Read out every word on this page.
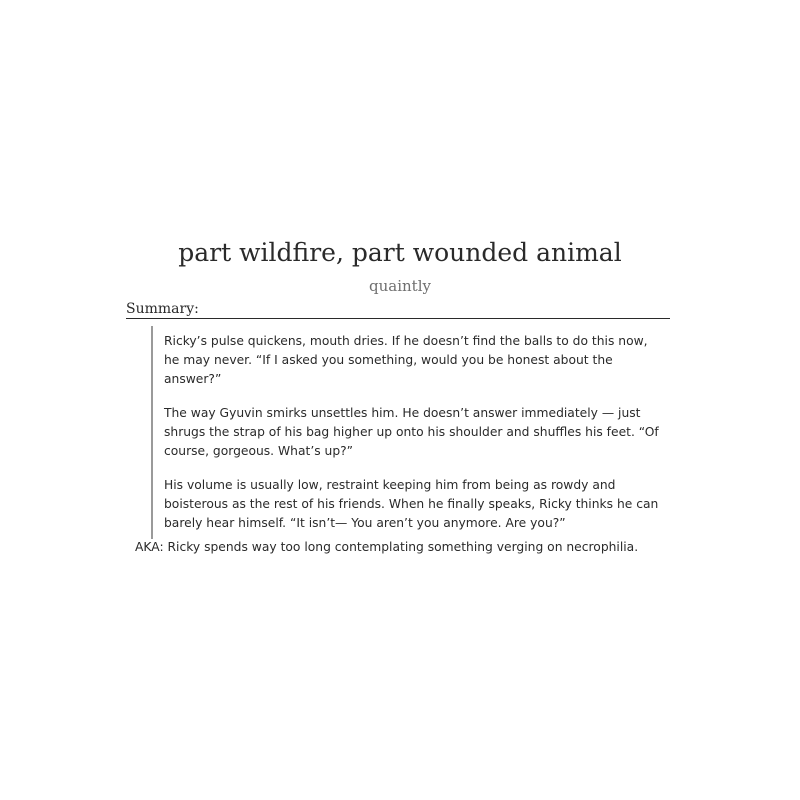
part wildfire, part wounded animal
quaintly
Summary:

Ricky’s pulse quickens, mouth dries. If he doesn’t find the balls to do this now, he may never. “If I asked you something, would you be honest about the answer?”

The way Gyuvin smirks unsettles him. He doesn’t answer immediately — just shrugs the strap of his bag higher up onto his shoulder and shuffles his feet. “Of course, gorgeous. What’s up?”

His volume is usually low, restraint keeping him from being as rowdy and boisterous as the rest of his friends. When he finally speaks, Ricky thinks he can barely hear himself. “It isn’t— You aren’t you anymore. Are you?”

AKA: Ricky spends way too long contemplating something verging on necrophilia.
